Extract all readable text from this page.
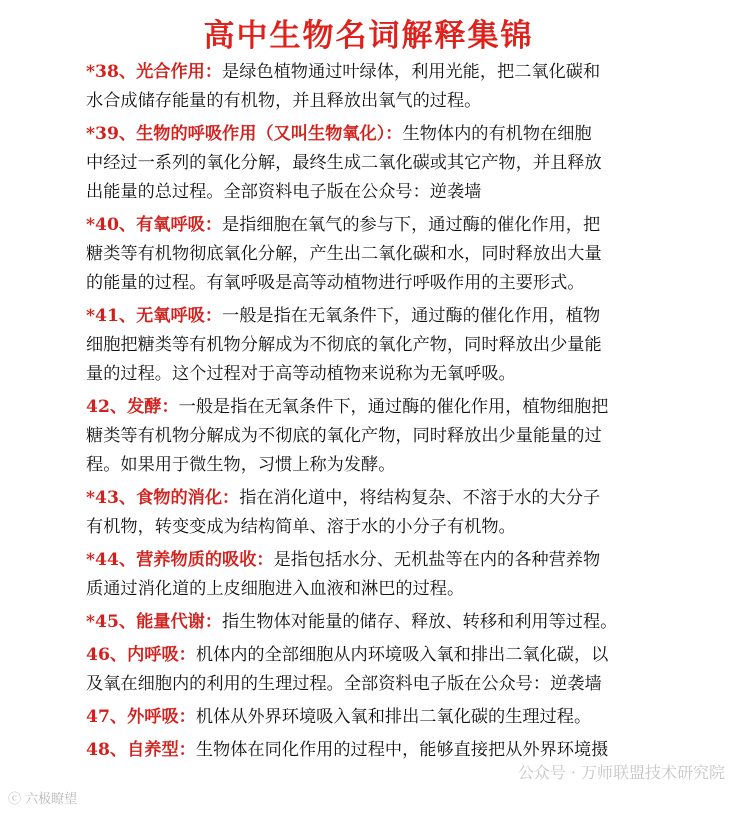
高中生物名词解释集锦
*38、光合作用：是绿色植物通过叶绿体，利用光能，把二氧化碳和
水合成储存能量的有机物，并且释放出氧气的过程。
*39、生物的呼吸作用（又叫生物氧化）：生物体内的有机物在细胞
中经过一系列的氧化分解，最终生成二氧化碳或其它产物，并且释放
出能量的总过程。全部资料电子版在公众号：逆袭墙
*40、有氧呼吸：是指细胞在氧气的参与下，通过酶的催化作用，把
糖类等有机物彻底氧化分解，产生出二氧化碳和水，同时释放出大量
的能量的过程。有氧呼吸是高等动植物进行呼吸作用的主要形式。
*41、无氧呼吸：一般是指在无氧条件下，通过酶的催化作用，植物
细胞把糖类等有机物分解成为不彻底的氧化产物，同时释放出少量能
量的过程。这个过程对于高等动植物来说称为无氧呼吸。
42、发酵：一般是指在无氧条件下，通过酶的催化作用，植物细胞把
糖类等有机物分解成为不彻底的氧化产物，同时释放出少量能量的过
程。如果用于微生物，习惯上称为发酵。
*43、食物的消化：指在消化道中，将结构复杂、不溶于水的大分子
有机物，转变变成为结构简单、溶于水的小分子有机物。
*44、营养物质的吸收：是指包括水分、无机盐等在内的各种营养物
质通过消化道的上皮细胞进入血液和淋巴的过程。
*45、能量代谢：指生物体对能量的储存、释放、转移和利用等过程。
46、内呼吸：机体内的全部细胞从内环境吸入氧和排出二氧化碳，以
及氧在细胞内的利用的生理过程。全部资料电子版在公众号：逆袭墙
47、外呼吸：机体从外界环境吸入氧和排出二氧化碳的生理过程。
48、自养型：生物体在同化作用的过程中，能够直接把从外界环境摄
ⓒ 六极瞭望
公众号 · 万师联盟技术研究院
